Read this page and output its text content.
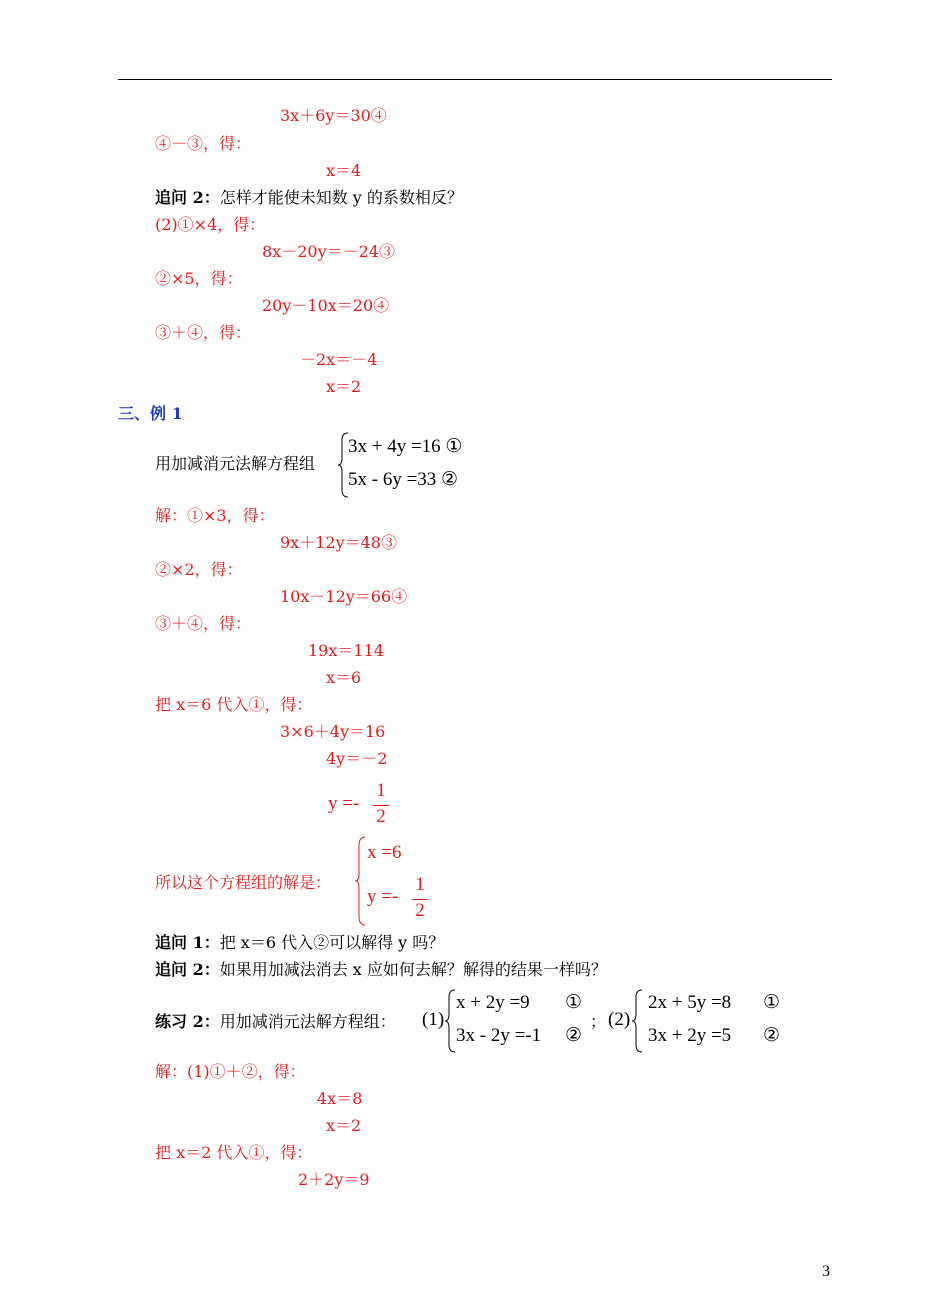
3x＋6y＝30④
④－③，得：
x＝4
追问 2：怎样才能使未知数 y 的系数相反？
(2)①×4，得：
8x－20y＝－24③
②×5，得：
20y－10x＝20④
③＋④，得：
－2x＝－4
x＝2
三、例 1
用加减消元法解方程组
3x + 4y =16 ①
5x - 6y =33 ②
解：①×3，得：
9x＋12y＝48③
②×2，得：
10x－12y＝66④
③＋④，得：
19x＝114
x＝6
把 x＝6 代入①，得：
3×6＋4y＝16
4y＝－2
y =-
1
2
所以这个方程组的解是：
x =6
y =-
1
2
追问 1：把 x＝6 代入②可以解得 y 吗？
追问 2：如果用加减法消去 x 应如何去解？解得的结果一样吗？
练习 2：用加减消元法解方程组： (1)
x + 2y =9
3x - 2y =-1
①
②
； (2)
2x + 5y =8
3x + 2y =5
①
②
解：(1)①＋②，得：
4x＝8
x＝2
把 x＝2 代入①，得：
2＋2y＝9
3
